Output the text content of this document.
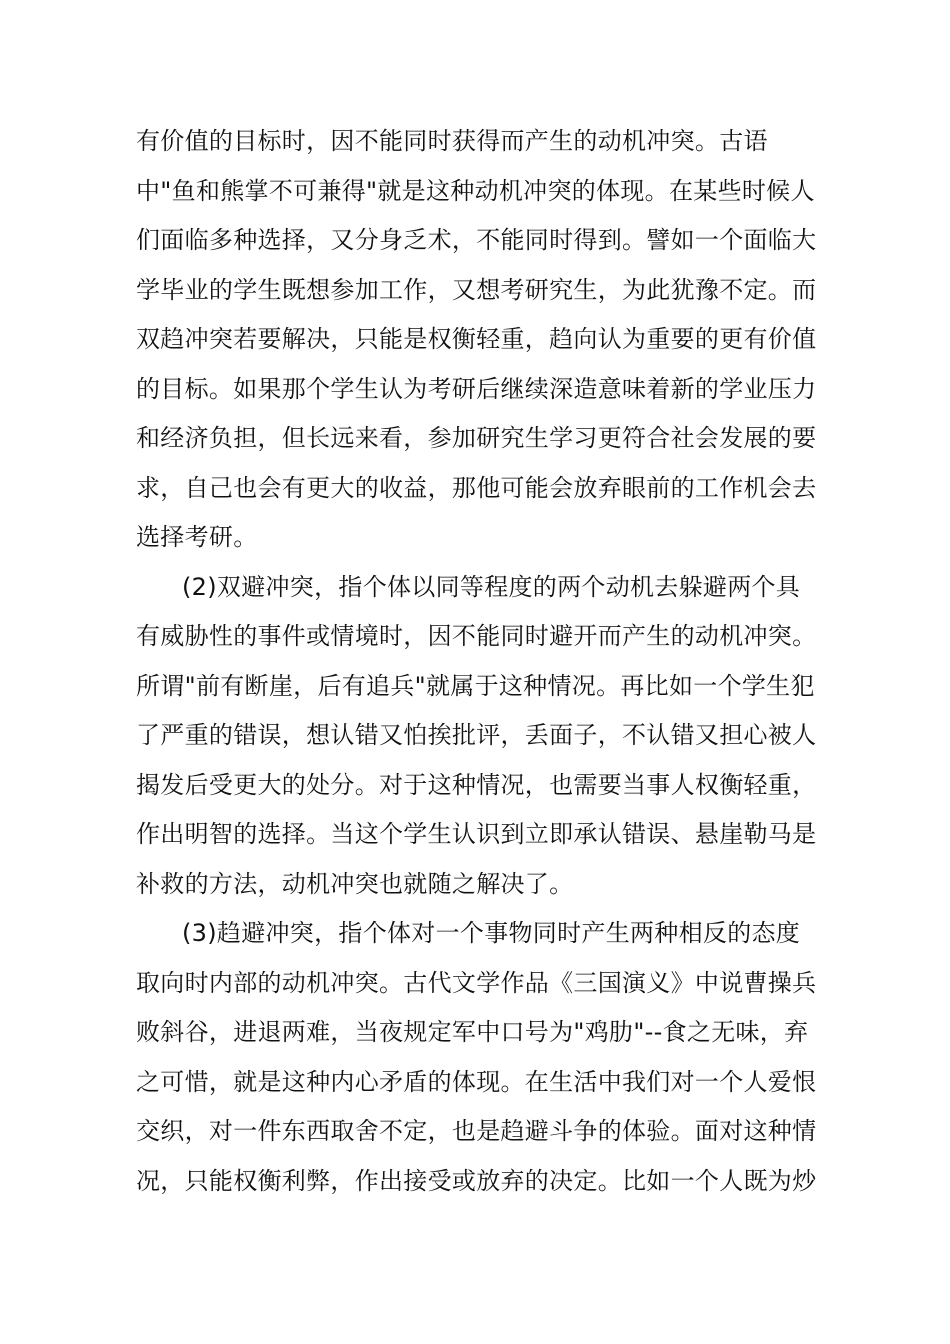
有价值的目标时，因不能同时获得而产生的动机冲突。古语
中"鱼和熊掌不可兼得"就是这种动机冲突的体现。在某些时候人
们面临多种选择，又分身乏术，不能同时得到。譬如一个面临大
学毕业的学生既想参加工作，又想考研究生，为此犹豫不定。而
双趋冲突若要解决，只能是权衡轻重，趋向认为重要的更有价值
的目标。如果那个学生认为考研后继续深造意味着新的学业压力
和经济负担，但长远来看，参加研究生学习更符合社会发展的要
求，自己也会有更大的收益，那他可能会放弃眼前的工作机会去
选择考研。
(2)双避冲突，指个体以同等程度的两个动机去躲避两个具
有威胁性的事件或情境时，因不能同时避开而产生的动机冲突。
所谓"前有断崖，后有追兵"就属于这种情况。再比如一个学生犯
了严重的错误，想认错又怕挨批评，丢面子，不认错又担心被人
揭发后受更大的处分。对于这种情况，也需要当事人权衡轻重，
作出明智的选择。当这个学生认识到立即承认错误、悬崖勒马是
补救的方法，动机冲突也就随之解决了。
(3)趋避冲突，指个体对一个事物同时产生两种相反的态度
取向时内部的动机冲突。古代文学作品《三国演义》中说曹操兵
败斜谷，进退两难，当夜规定军中口号为"鸡肋"--食之无味，弃
之可惜，就是这种内心矛盾的体现。在生活中我们对一个人爱恨
交织，对一件东西取舍不定，也是趋避斗争的体验。面对这种情
况，只能权衡利弊，作出接受或放弃的决定。比如一个人既为炒
